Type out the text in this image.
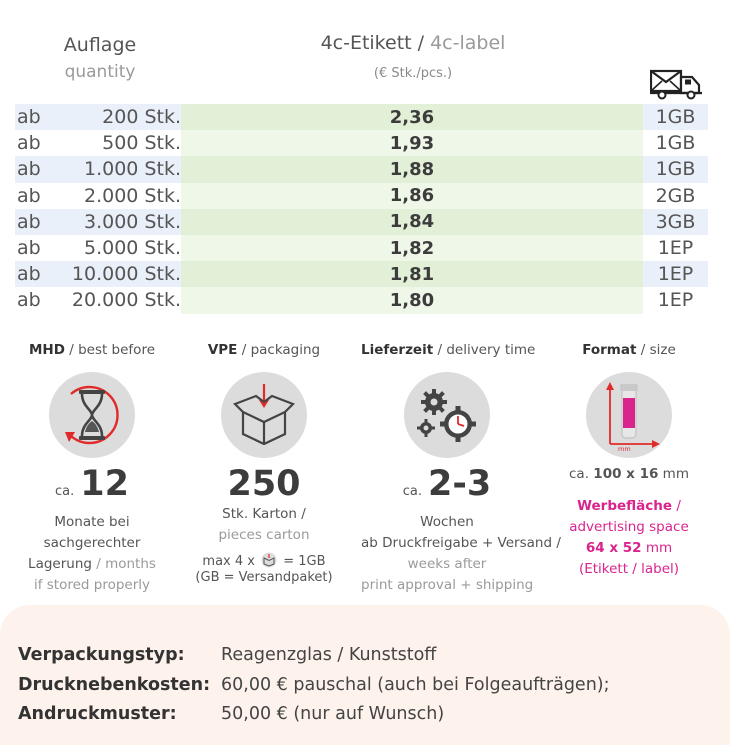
Auflage
quantity
4c-Etikett / 4c-label
(€ Stk./pcs.)
ab	200 Stk.	2,36	1GB
ab	500 Stk.	1,93	1GB
ab	1.000 Stk.	1,88	1GB
ab	2.000 Stk.	1,86	2GB
ab	3.000 Stk.	1,84	3GB
ab	5.000 Stk.	1,82	1EP
ab	10.000 Stk.	1,81	1EP
ab	20.000 Stk.	1,80	1EP
MHD / best before
ca. 12
Monate bei
sachgerechter
Lagerung / months
if stored properly
VPE / packaging
250
Stk. Karton /
pieces carton
max 4 x = 1GB
(GB = Versandpaket)
Lieferzeit / delivery time
ca. 2-3
Wochen
ab Druckfreigabe + Versand /
weeks after
print approval + shipping
Format / size
mm
ca. 100 x 16 mm
Werbefläche /
advertising space
64 x 52 mm
(Etikett / label)
Verpackungstyp: Reagenzglas / Kunststoff
Drucknebenkosten: 60,00 € pauschal (auch bei Folgeaufträgen);
Andruckmuster:	50,00 € (nur auf Wunsch)
